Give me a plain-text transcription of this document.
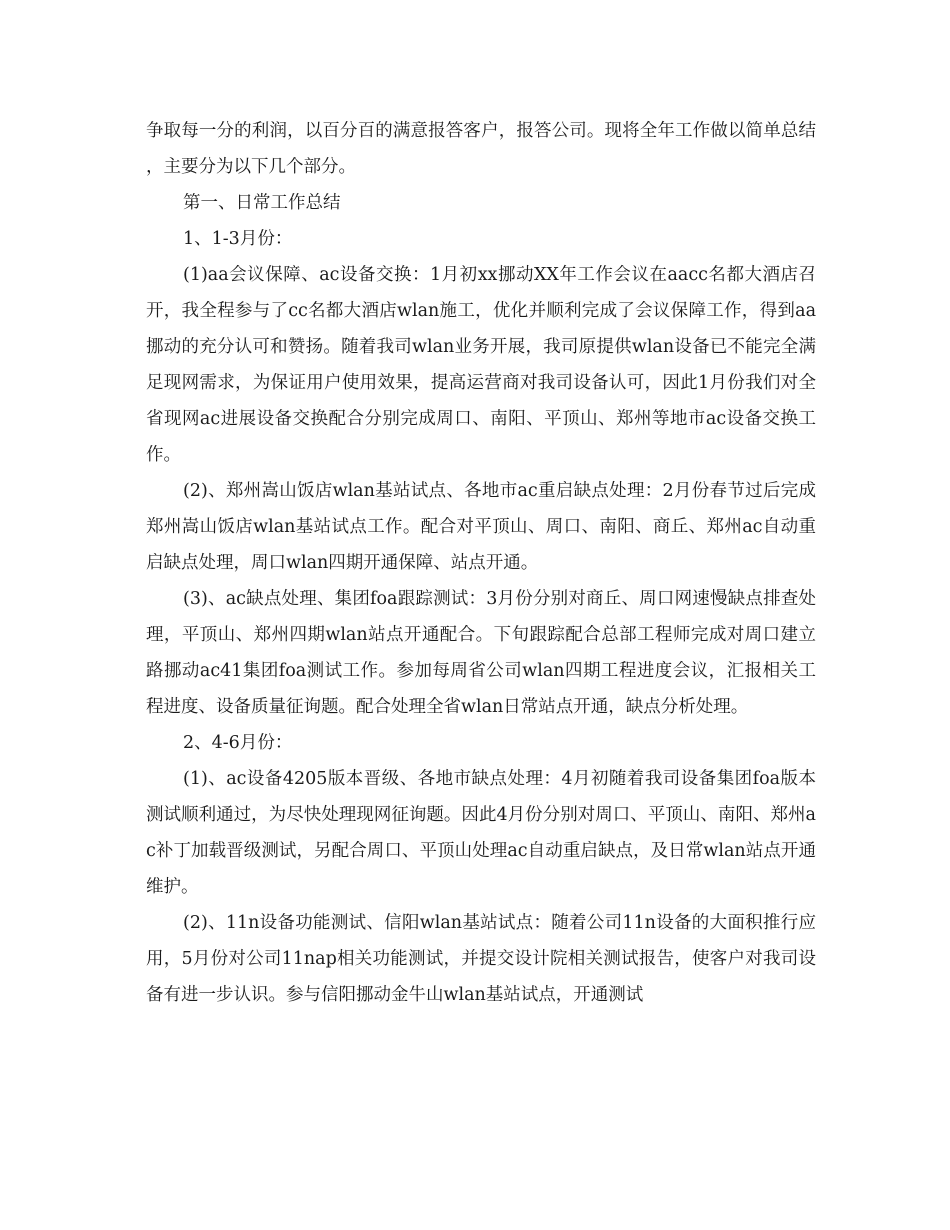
争取每一分的利润，以百分百的满意报答客户，报答公司。现将全年工作做以简单总结，主要分为以下几个部分。

第一、日常工作总结

1、1-3月份：

(1)aa会议保障、ac设备交换：1月初xx挪动XX年工作会议在aacc名都大酒店召开，我全程参与了cc名都大酒店wlan施工，优化并顺利完成了会议保障工作，得到aa挪动的充分认可和赞扬。随着我司wlan业务开展，我司原提供wlan设备已不能完全满足现网需求，为保证用户使用效果，提高运营商对我司设备认可，因此1月份我们对全省现网ac进展设备交换配合分别完成周口、南阳、平顶山、郑州等地市ac设备交换工作。

(2)、郑州嵩山饭店wlan基站试点、各地市ac重启缺点处理：2月份春节过后完成郑州嵩山饭店wlan基站试点工作。配合对平顶山、周口、南阳、商丘、郑州ac自动重启缺点处理，周口wlan四期开通保障、站点开通。

(3)、ac缺点处理、集团foa跟踪测试：3月份分别对商丘、周口网速慢缺点排查处理，平顶山、郑州四期wlan站点开通配合。下旬跟踪配合总部工程师完成对周口建立路挪动ac41集团foa测试工作。参加每周省公司wlan四期工程进度会议，汇报相关工程进度、设备质量征询题。配合处理全省wlan日常站点开通，缺点分析处理。

2、4-6月份：

(1)、ac设备4205版本晋级、各地市缺点处理：4月初随着我司设备集团foa版本测试顺利通过，为尽快处理现网征询题。因此4月份分别对周口、平顶山、南阳、郑州ac补丁加载晋级测试，另配合周口、平顶山处理ac自动重启缺点，及日常wlan站点开通维护。

(2)、11n设备功能测试、信阳wlan基站试点：随着公司11n设备的大面积推行应用，5月份对公司11nap相关功能测试，并提交设计院相关测试报告，使客户对我司设备有进一步认识。参与信阳挪动金牛山wlan基站试点，开通测试
